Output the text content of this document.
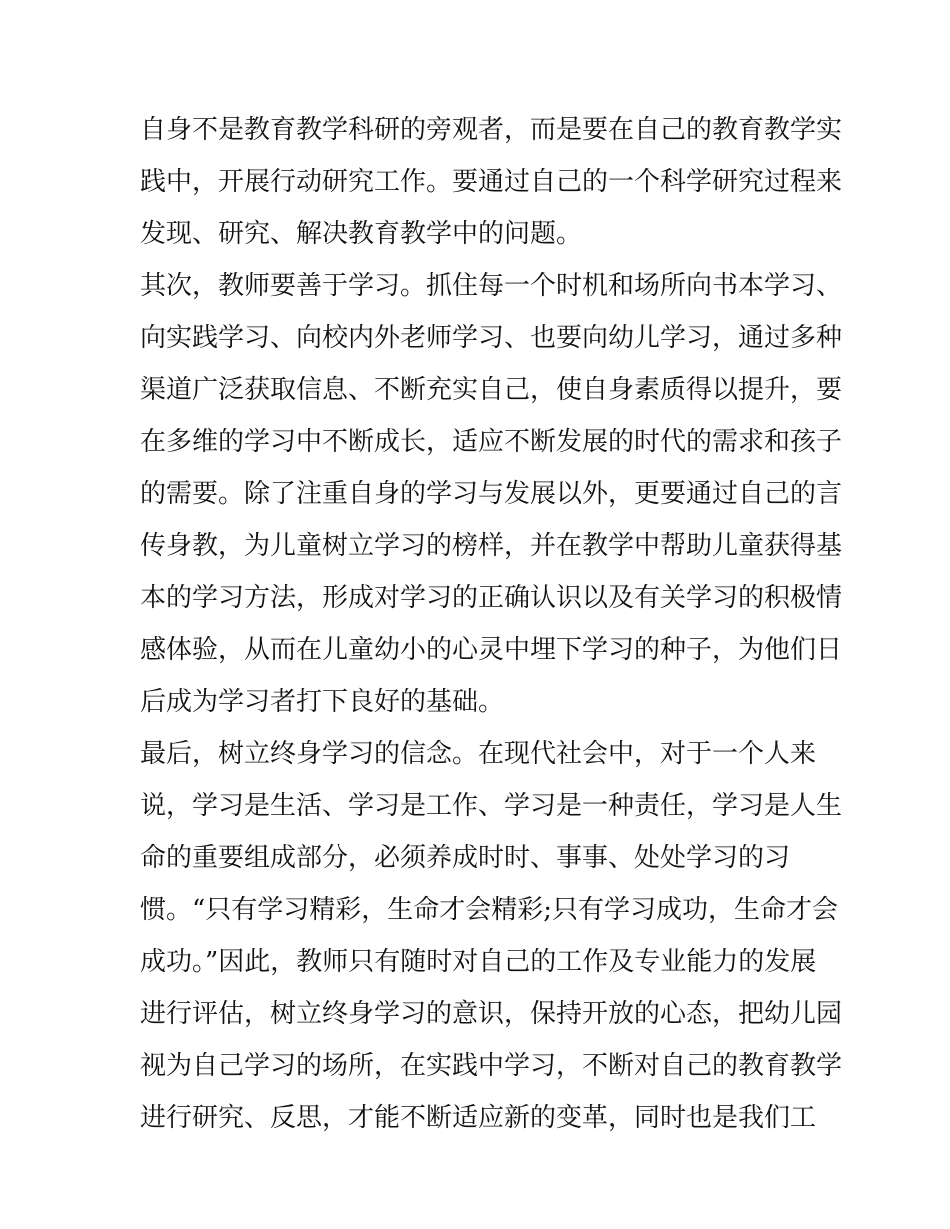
自身不是教育教学科研的旁观者，而是要在自己的教育教学实
践中，开展行动研究工作。要通过自己的一个科学研究过程来
发现、研究、解决教育教学中的问题。
其次，教师要善于学习。抓住每一个时机和场所向书本学习、
向实践学习、向校内外老师学习、也要向幼儿学习，通过多种
渠道广泛获取信息、不断充实自己，使自身素质得以提升，要
在多维的学习中不断成长，适应不断发展的时代的需求和孩子
的需要。除了注重自身的学习与发展以外，更要通过自己的言
传身教，为儿童树立学习的榜样，并在教学中帮助儿童获得基
本的学习方法，形成对学习的正确认识以及有关学习的积极情
感体验，从而在儿童幼小的心灵中埋下学习的种子，为他们日
后成为学习者打下良好的基础。
最后，树立终身学习的信念。在现代社会中，对于一个人来
说，学习是生活、学习是工作、学习是一种责任，学习是人生
命的重要组成部分，必须养成时时、事事、处处学习的习
惯。“只有学习精彩，生命才会精彩;只有学习成功，生命才会
成功。”因此，教师只有随时对自己的工作及专业能力的发展
进行评估，树立终身学习的意识，保持开放的心态，把幼儿园
视为自己学习的场所，在实践中学习，不断对自己的教育教学
进行研究、反思，才能不断适应新的变革，同时也是我们工
